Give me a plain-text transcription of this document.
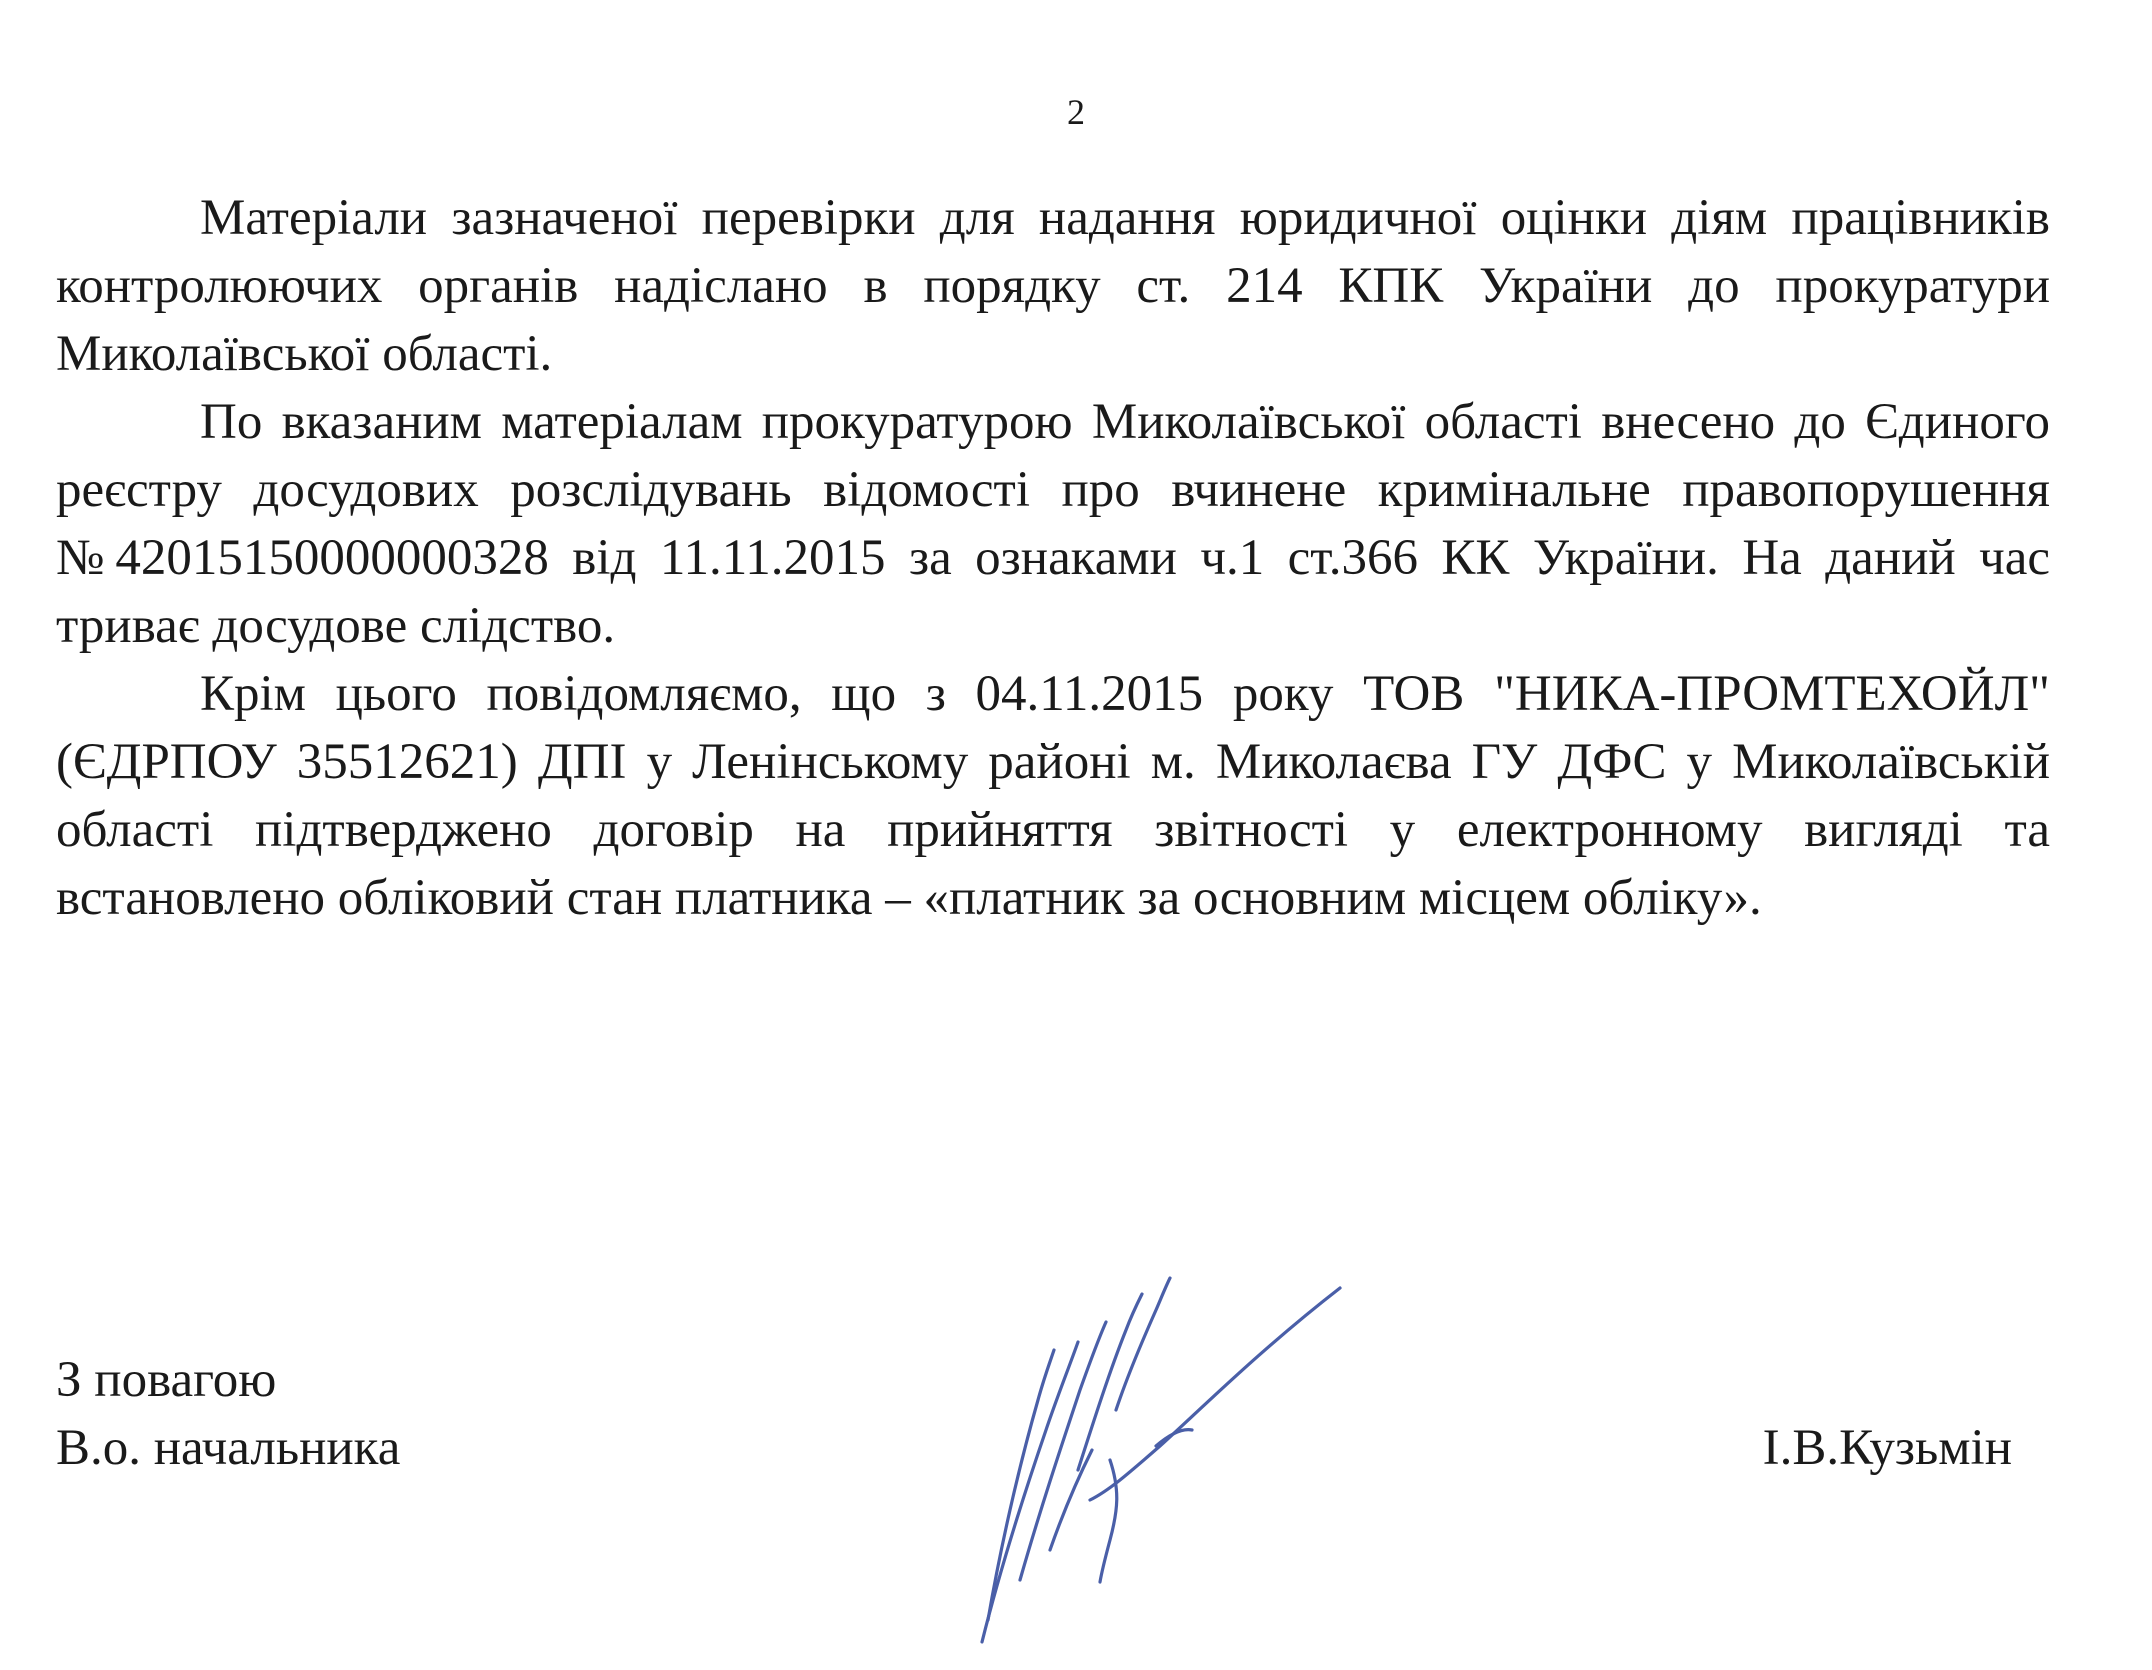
2

Матеріали зазначеної перевірки для надання юридичної оцінки діям працівників контролюючих органів надіслано в порядку ст. 214 КПК України до прокуратури Миколаївської області.

По вказаним матеріалам прокуратурою Миколаївської області внесено до Єдиного реєстру досудових розслідувань відомості про вчинене кримінальне правопорушення №42015150000000328 від 11.11.2015 за ознаками ч.1 ст.366 КК України. На даний час триває досудове слідство.

Крім цього повідомляємо, що з 04.11.2015 року ТОВ "НИКА-ПРОМТЕХОЙЛ" (ЄДРПОУ 35512621) ДПІ у Ленінському районі м. Миколаєва ГУ ДФС у Миколаївській області підтверджено договір на прийняття звітності у електронному вигляді та встановлено обліковий стан платника – «платник за основним місцем обліку».

З повагою
В.о. начальника	І.В.Кузьмін
